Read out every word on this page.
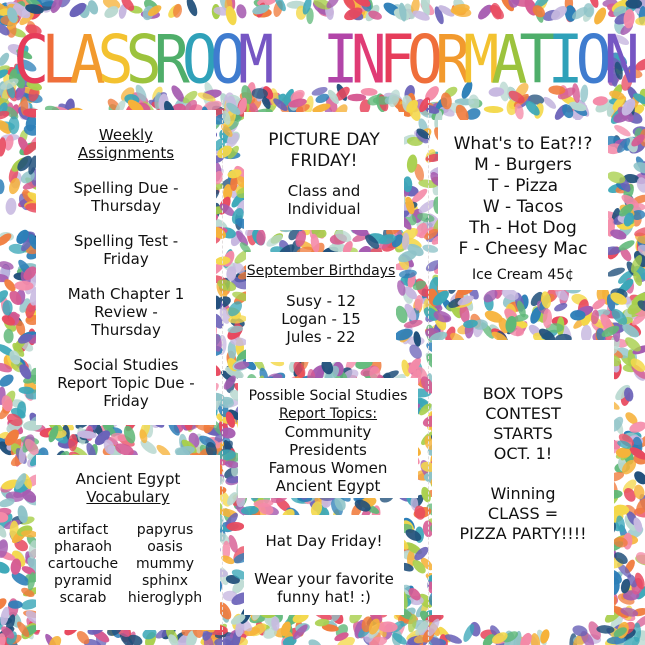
CLASSROOM INFORMATION
Weekly
Assignments
Spelling Due -
Thursday
Spelling Test -
Friday
Math Chapter 1
Review -
Thursday
Social Studies
Report Topic Due -
Friday
Ancient Egypt
Vocabulary
artifact
pharaoh
cartouche
pyramid
scarab
papyrus
oasis
mummy
sphinx
hieroglyph
PICTURE DAY
FRIDAY!
Class and
Individual
September Birthdays
Susy - 12
Logan - 15
Jules - 22
Possible Social Studies
Report Topics:
Community
Presidents
Famous Women
Ancient Egypt
Hat Day Friday!
Wear your favorite
funny hat! :)
What's to Eat?!?
M - Burgers
T - Pizza
W - Tacos
Th - Hot Dog
F - Cheesy Mac
Ice Cream 45¢
BOX TOPS
CONTEST
STARTS
OCT. 1!
Winning
CLASS =
PIZZA PARTY!!!!
